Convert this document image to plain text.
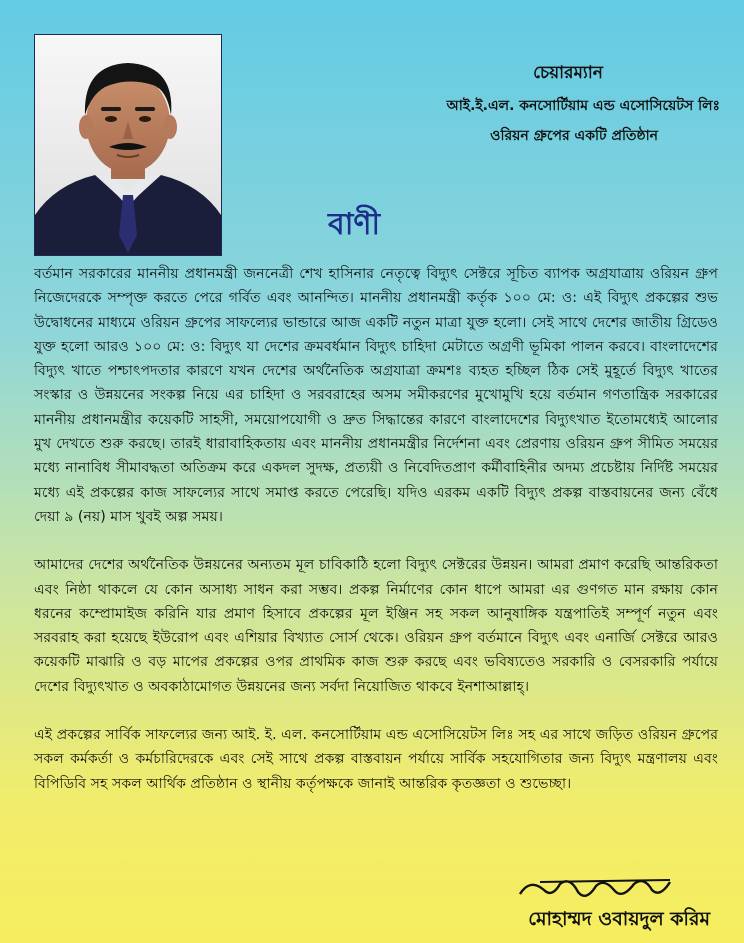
চেয়ারম্যান
আই.ই.এল. কনসোর্টিয়াম এন্ড এসোসিয়েটস লিঃ
ওরিয়ন গ্রুপের একটি প্রতিষ্ঠান
বাণী

বর্তমান সরকারের মাননীয় প্রধানমন্ত্রী জননেত্রী শেখ হাসিনার নেতৃত্বে বিদ্যুৎ সেক্টরে সূচিত ব্যাপক অগ্রযাত্রায় ওরিয়ন গ্রুপ নিজেদেরকে সম্পৃক্ত করতে পেরে গর্বিত এবং আনন্দিত। মাননীয় প্রধানমন্ত্রী কর্তৃক ১০০ মে: ও: এই বিদ্যুৎ প্রকল্পের শুভ উদ্বোধনের মাধ্যমে ওরিয়ন গ্রুপের সাফল্যের ভান্ডারে আজ একটি নতুন মাত্রা যুক্ত হলো। সেই সাথে দেশের জাতীয় গ্রিডেও যুক্ত হলো আরও ১০০ মে: ও: বিদ্যুৎ যা দেশের ক্রমবর্ধমান বিদ্যুৎ চাহিদা মেটাতে অগ্রণী ভূমিকা পালন করবে। বাংলাদেশের বিদ্যুৎ খাতে পশ্চাৎপদতার কারণে যখন দেশের অর্থনৈতিক অগ্রযাত্রা ক্রমশঃ ব্যহত হচ্ছিল ঠিক সেই মুহূর্তে বিদ্যুৎ খাতের সংস্কার ও উন্নয়নের সংকল্প নিয়ে এর চাহিদা ও সরবরাহের অসম সমীকরণের মুখোমুখি হয়ে বর্তমান গণতান্ত্রিক সরকারের মাননীয় প্রধানমন্ত্রীর কয়েকটি সাহসী, সময়োপযোগী ও দ্রুত সিদ্ধান্তের কারণে বাংলাদেশের বিদ্যুৎখাত ইতোমধ্যেই আলোর মুখ দেখতে শুরু করছে। তারই ধারাবাহিকতায় এবং মাননীয় প্রধানমন্ত্রীর নির্দেশনা এবং প্রেরণায় ওরিয়ন গ্রুপ সীমিত সময়ের মধ্যে নানাবিধ সীমাবদ্ধতা অতিক্রম করে একদল সুদক্ষ, প্রত্যয়ী ও নিবেদিতপ্রাণ কর্মীবাহিনীর অদম্য প্রচেষ্টায় নির্দিষ্ট সময়ের মধ্যে এই প্রকল্পের কাজ সাফল্যের সাথে সমাপ্ত করতে পেরেছি। যদিও এরকম একটি বিদ্যুৎ প্রকল্প বাস্তবায়নের জন্য বেঁধে দেয়া ৯ (নয়) মাস খুবই অল্প সময়।

আমাদের দেশের অর্থনৈতিক উন্নয়নের অন্যতম মূল চাবিকাঠি হলো বিদ্যুৎ সেক্টরের উন্নয়ন। আমরা প্রমাণ করেছি আন্তরিকতা এবং নিষ্ঠা থাকলে যে কোন অসাধ্য সাধন করা সম্ভব। প্রকল্প নির্মাণের কোন ধাপে আমরা এর গুণগত মান রক্ষায় কোন ধরনের কম্প্রোমাইজ করিনি যার প্রমাণ হিসাবে প্রকল্পের মূল ইঞ্জিন সহ সকল আনুষাঙ্গিক যন্ত্রপাতিই সম্পূর্ণ নতুন এবং সরবরাহ করা হয়েছে ইউরোপ এবং এশিয়ার বিখ্যাত সোর্স থেকে। ওরিয়ন গ্রুপ বর্তমানে বিদ্যুৎ এবং এনার্জি সেক্টরে আরও কয়েকটি মাঝারি ও বড় মাপের প্রকল্পের ওপর প্রাথমিক কাজ শুরু করছে এবং ভবিষ্যতেও সরকারি ও বেসরকারি পর্যায়ে দেশের বিদ্যুৎখাত ও অবকাঠামোগত উন্নয়নের জন্য সর্বদা নিয়োজিত থাকবে ইনশাআল্লাহ্।

এই প্রকল্পের সার্বিক সাফল্যের জন্য আই. ই. এল. কনসোর্টিয়াম এন্ড এসোসিয়েটস লিঃ সহ এর সাথে জড়িত ওরিয়ন গ্রুপের সকল কর্মকর্তা ও কর্মচারিদেরকে এবং সেই সাথে প্রকল্প বাস্তবায়ন পর্যায়ে সার্বিক সহযোগিতার জন্য বিদ্যুৎ মন্ত্রণালয় এবং বিপিডিবি সহ সকল আর্থিক প্রতিষ্ঠান ও স্থানীয় কর্তৃপক্ষকে জানাই আন্তরিক কৃতজ্ঞতা ও শুভেচ্ছা।

মোহাম্মদ ওবায়দুল করিম
